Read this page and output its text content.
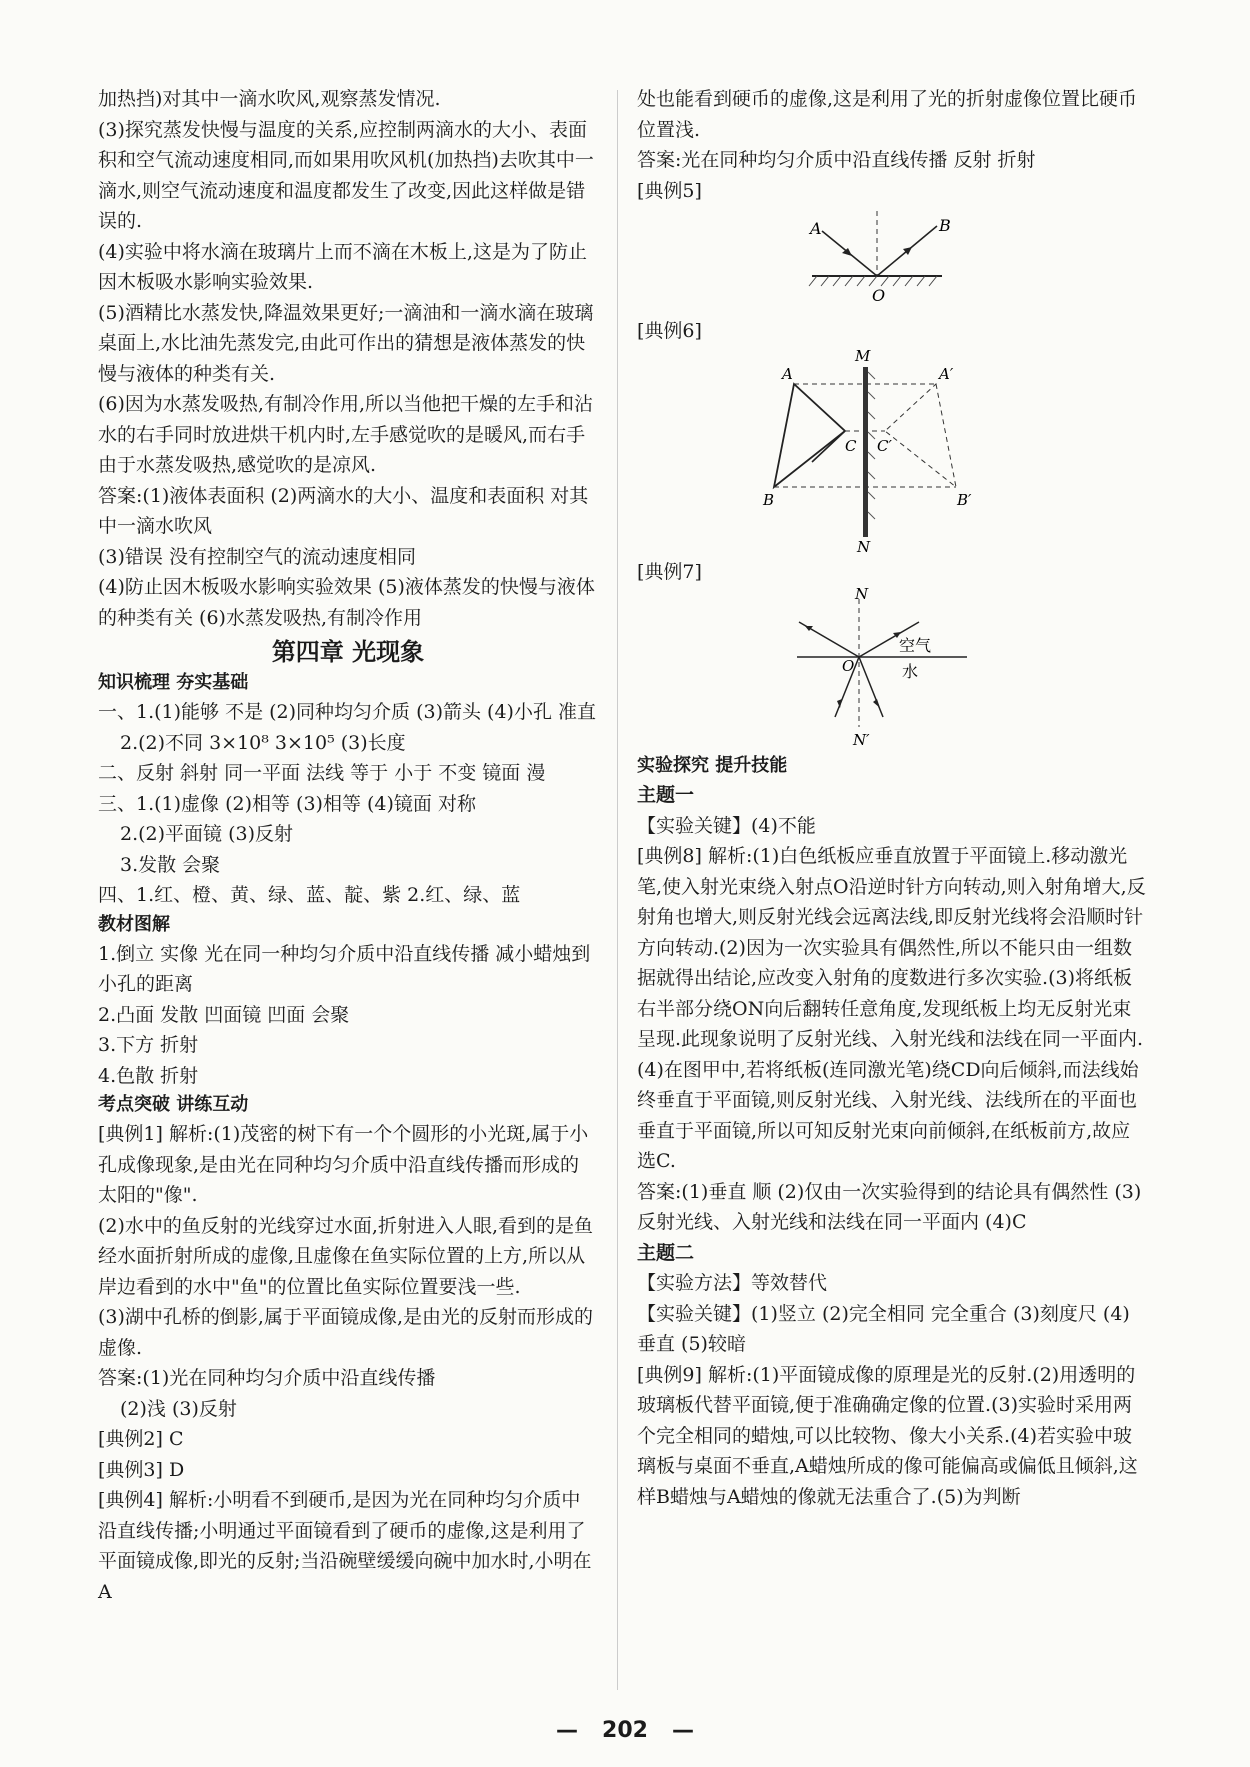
加热挡)对其中一滴水吹风,观察蒸发情况.

(3)探究蒸发快慢与温度的关系,应控制两滴水的大小、表面积和空气流动速度相同,而如果用吹风机(加热挡)去吹其中一滴水,则空气流动速度和温度都发生了改变,因此这样做是错误的.

(4)实验中将水滴在玻璃片上而不滴在木板上,这是为了防止因木板吸水影响实验效果.

(5)酒精比水蒸发快,降温效果更好;一滴油和一滴水滴在玻璃桌面上,水比油先蒸发完,由此可作出的猜想是液体蒸发的快慢与液体的种类有关.

(6)因为水蒸发吸热,有制冷作用,所以当他把干燥的左手和沾水的右手同时放进烘干机内时,左手感觉吹的是暖风,而右手由于水蒸发吸热,感觉吹的是凉风.

答案:(1)液体表面积 (2)两滴水的大小、温度和表面积 对其中一滴水吹风

(3)错误 没有控制空气的流动速度相同

(4)防止因木板吸水影响实验效果 (5)液体蒸发的快慢与液体的种类有关 (6)水蒸发吸热,有制冷作用

第四章 光现象
知识梳理 夯实基础

一、1.(1)能够 不是 (2)同种均匀介质 (3)箭头 (4)小孔 准直

2.(2)不同 3×10⁸ 3×10⁵ (3)长度

二、反射 斜射 同一平面 法线 等于 小于 不变 镜面 漫

三、1.(1)虚像 (2)相等 (3)相等 (4)镜面 对称

2.(2)平面镜 (3)反射

3.发散 会聚

四、1.红、橙、黄、绿、蓝、靛、紫 2.红、绿、蓝

教材图解

1.倒立 实像 光在同一种均匀介质中沿直线传播 减小蜡烛到小孔的距离

2.凸面 发散 凹面镜 凹面 会聚

3.下方 折射

4.色散 折射

考点突破 讲练互动

[典例1] 解析:(1)茂密的树下有一个个圆形的小光斑,属于小孔成像现象,是由光在同种均匀介质中沿直线传播而形成的太阳的"像".

(2)水中的鱼反射的光线穿过水面,折射进入人眼,看到的是鱼经水面折射所成的虚像,且虚像在鱼实际位置的上方,所以从岸边看到的水中"鱼"的位置比鱼实际位置要浅一些.

(3)湖中孔桥的倒影,属于平面镜成像,是由光的反射而形成的虚像.

答案:(1)光在同种均匀介质中沿直线传播

(2)浅 (3)反射

[典例2] C

[典例3] D

[典例4] 解析:小明看不到硬币,是因为光在同种均匀介质中沿直线传播;小明通过平面镜看到了硬币的虚像,这是利用了平面镜成像,即光的反射;当沿碗壁缓缓向碗中加水时,小明在A

处也能看到硬币的虚像,这是利用了光的折射虚像位置比硬币位置浅.

答案:光在同种均匀介质中沿直线传播 反射 折射

[典例5]

A	B
O

[典例6]

M
A	A′
C C′
B	B′
N

[典例7]

N
空气
O	水
N′
实验探究 提升技能

主题一

【实验关键】(4)不能

[典例8] 解析:(1)白色纸板应垂直放置于平面镜上.移动激光笔,使入射光束绕入射点O沿逆时针方向转动,则入射角增大,反射角也增大,则反射光线会远离法线,即反射光线将会沿顺时针方向转动.(2)因为一次实验具有偶然性,所以不能只由一组数据就得出结论,应改变入射角的度数进行多次实验.(3)将纸板右半部分绕ON向后翻转任意角度,发现纸板上均无反射光束呈现.此现象说明了反射光线、入射光线和法线在同一平面内.(4)在图甲中,若将纸板(连同激光笔)绕CD向后倾斜,而法线始终垂直于平面镜,则反射光线、入射光线、法线所在的平面也垂直于平面镜,所以可知反射光束向前倾斜,在纸板前方,故应选C.

答案:(1)垂直 顺 (2)仅由一次实验得到的结论具有偶然性 (3)反射光线、入射光线和法线在同一平面内 (4)C

主题二

【实验方法】等效替代

【实验关键】(1)竖立 (2)完全相同 完全重合 (3)刻度尺 (4)垂直 (5)较暗

[典例9] 解析:(1)平面镜成像的原理是光的反射.(2)用透明的玻璃板代替平面镜,便于准确确定像的位置.(3)实验时采用两个完全相同的蜡烛,可以比较物、像大小关系.(4)若实验中玻璃板与桌面不垂直,A蜡烛所成的像可能偏高或偏低且倾斜,这样B蜡烛与A蜡烛的像就无法重合了.(5)为判断

— 202 —
